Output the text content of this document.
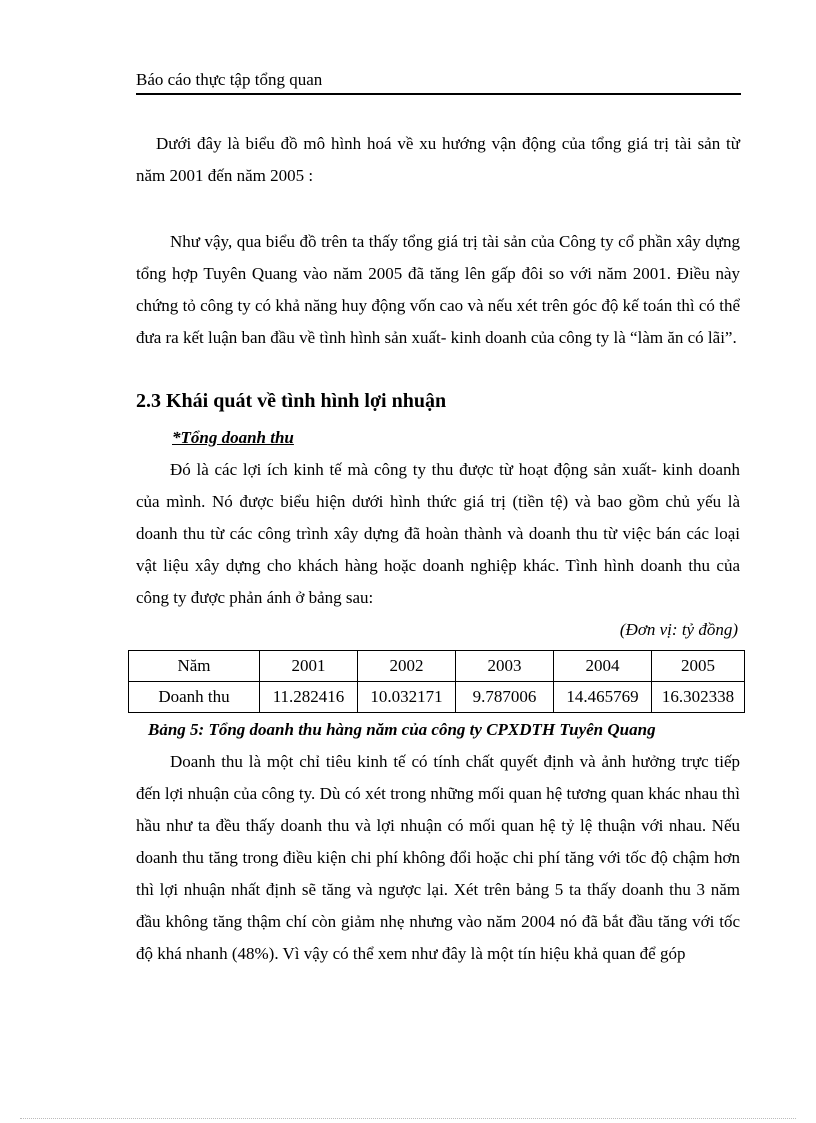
Báo cáo thực tập tổng quan

Dưới đây là biểu đồ mô hình hoá về xu hướng vận động của tổng giá trị tài sản từ năm 2001 đến năm 2005 :

Như vậy, qua biểu đồ trên ta thấy tổng giá trị tài sản của Công ty cổ phần xây dựng tổng hợp Tuyên Quang vào năm 2005 đã tăng lên gấp đôi so với năm 2001. Điều này chứng tỏ công ty có khả năng huy động vốn cao và nếu xét trên góc độ kế toán thì có thể đưa ra kết luận ban đầu về tình hình sản xuất- kinh doanh của công ty là “làm ăn có lãi”.

2.3 Khái quát về tình hình lợi nhuận
*Tổng doanh thu

Đó là các lợi ích kinh tế mà công ty thu được từ hoạt động sản xuất- kinh doanh của mình. Nó được biểu hiện dưới hình thức giá trị (tiền tệ) và bao gồm chủ yếu là doanh thu từ các công trình xây dựng đã hoàn thành và doanh thu từ việc bán các loại vật liệu xây dựng cho khách hàng hoặc doanh nghiệp khác. Tình hình doanh thu của công ty được phản ánh ở bảng sau:

(Đơn vị: tỷ đồng)
Năm	2001	2002	2003	2004	2005
Doanh thu	11.282416	10.032171	9.787006	14.465769	16.302338
Bảng 5: Tổng doanh thu hàng năm của công ty CPXDTH Tuyên Quang

Doanh thu là một chỉ tiêu kinh tế có tính chất quyết định và ảnh hưởng trực tiếp đến lợi nhuận của công ty. Dù có xét trong những mối quan hệ tương quan khác nhau thì hầu như ta đều thấy doanh thu và lợi nhuận có mối quan hệ tỷ lệ thuận với nhau. Nếu doanh thu tăng trong điều kiện chi phí không đổi hoặc chi phí tăng với tốc độ chậm hơn thì lợi nhuận nhất định sẽ tăng và ngược lại. Xét trên bảng 5 ta thấy doanh thu 3 năm đầu không tăng thậm chí còn giảm nhẹ nhưng vào năm 2004 nó đã bắt đầu tăng với tốc độ khá nhanh (48%). Vì vậy có thể xem như đây là một tín hiệu khả quan để góp
